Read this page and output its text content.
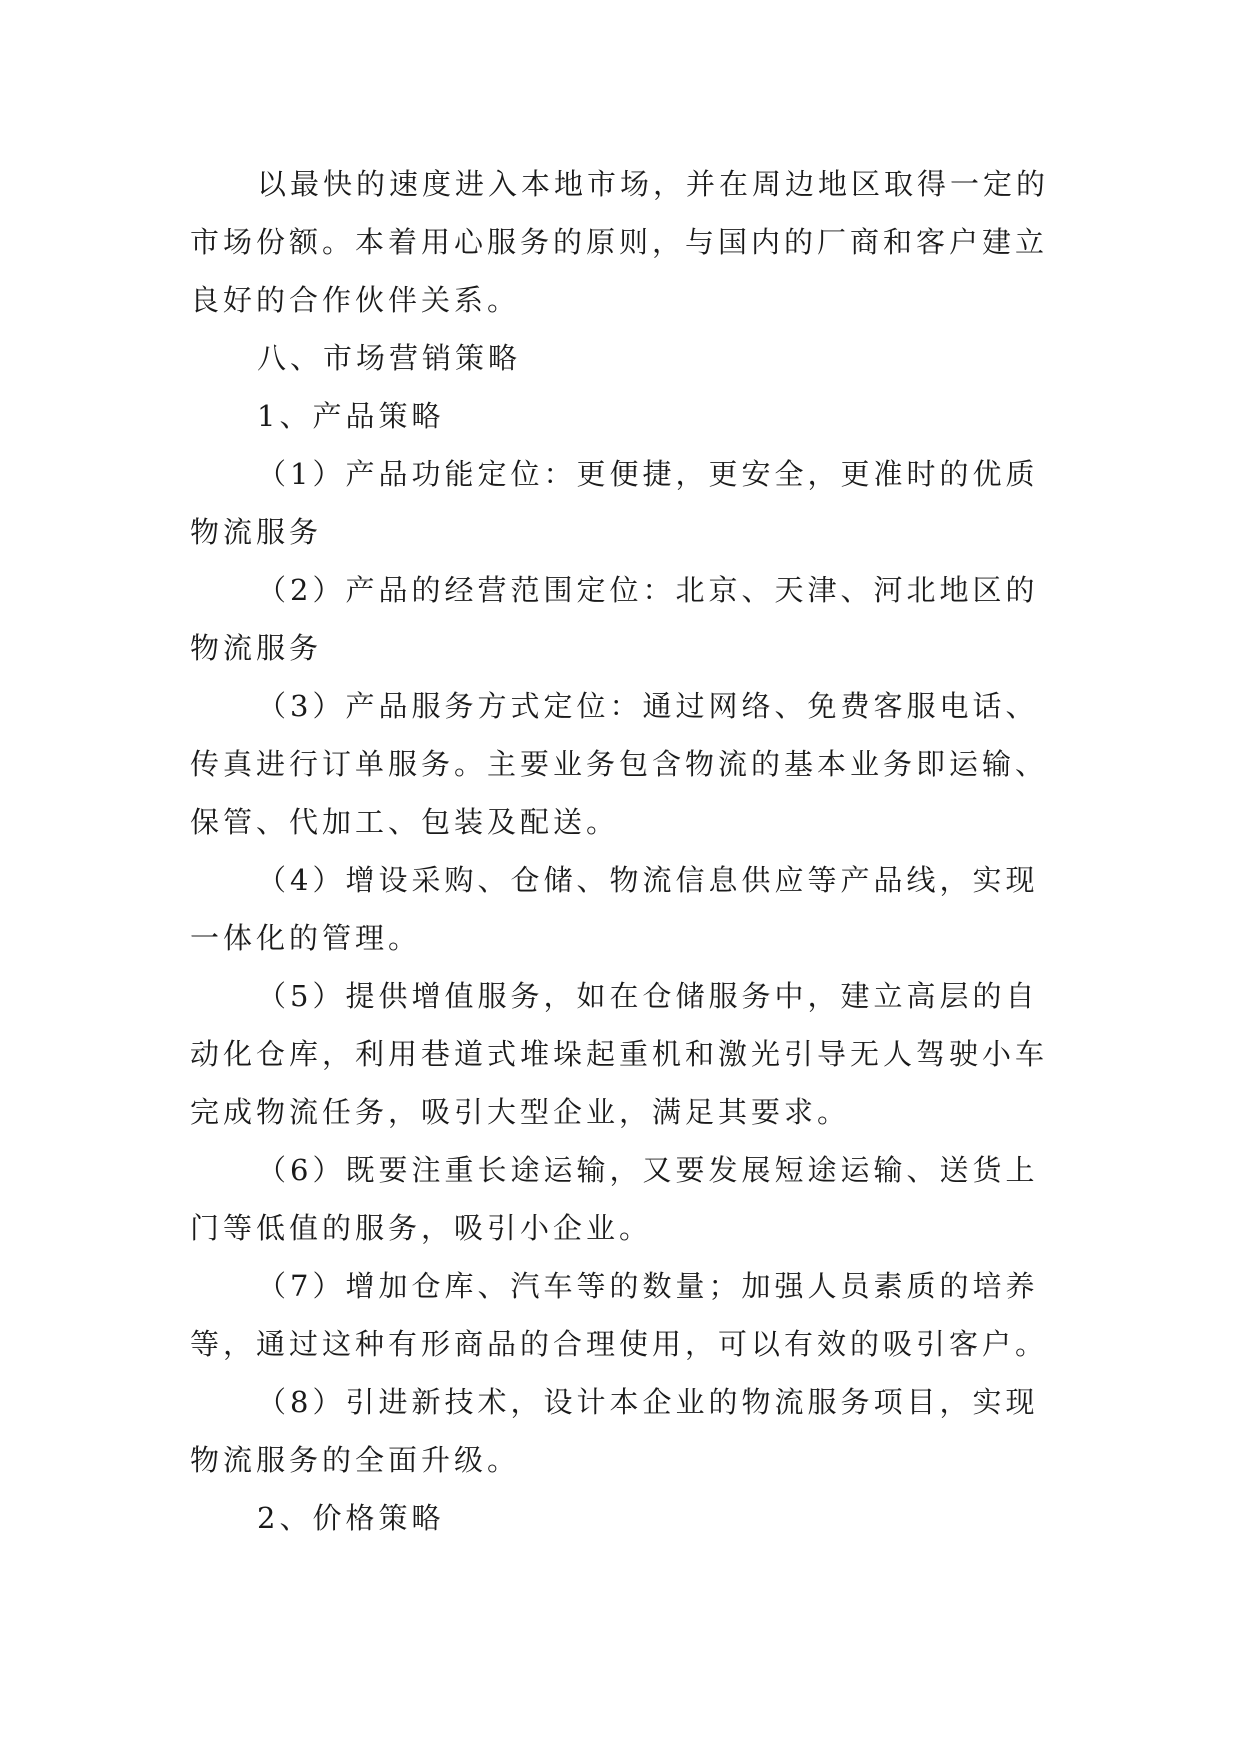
以最快的速度进入本地市场，并在周边地区取得一定的
市场份额。本着用心服务的原则，与国内的厂商和客户建立
良好的合作伙伴关系。
八、市场营销策略
1、产品策略
（1）产品功能定位：更便捷，更安全，更准时的优质
物流服务
（2）产品的经营范围定位：北京、天津、河北地区的
物流服务
（3）产品服务方式定位：通过网络、免费客服电话、
传真进行订单服务。主要业务包含物流的基本业务即运输、
保管、代加工、包装及配送。
（4）增设采购、仓储、物流信息供应等产品线，实现
一体化的管理。
（5）提供增值服务，如在仓储服务中，建立高层的自
动化仓库，利用巷道式堆垛起重机和激光引导无人驾驶小车
完成物流任务，吸引大型企业，满足其要求。
（6）既要注重长途运输，又要发展短途运输、送货上
门等低值的服务，吸引小企业。
（7）增加仓库、汽车等的数量；加强人员素质的培养
等，通过这种有形商品的合理使用，可以有效的吸引客户。
（8）引进新技术，设计本企业的物流服务项目，实现
物流服务的全面升级。
2、价格策略
